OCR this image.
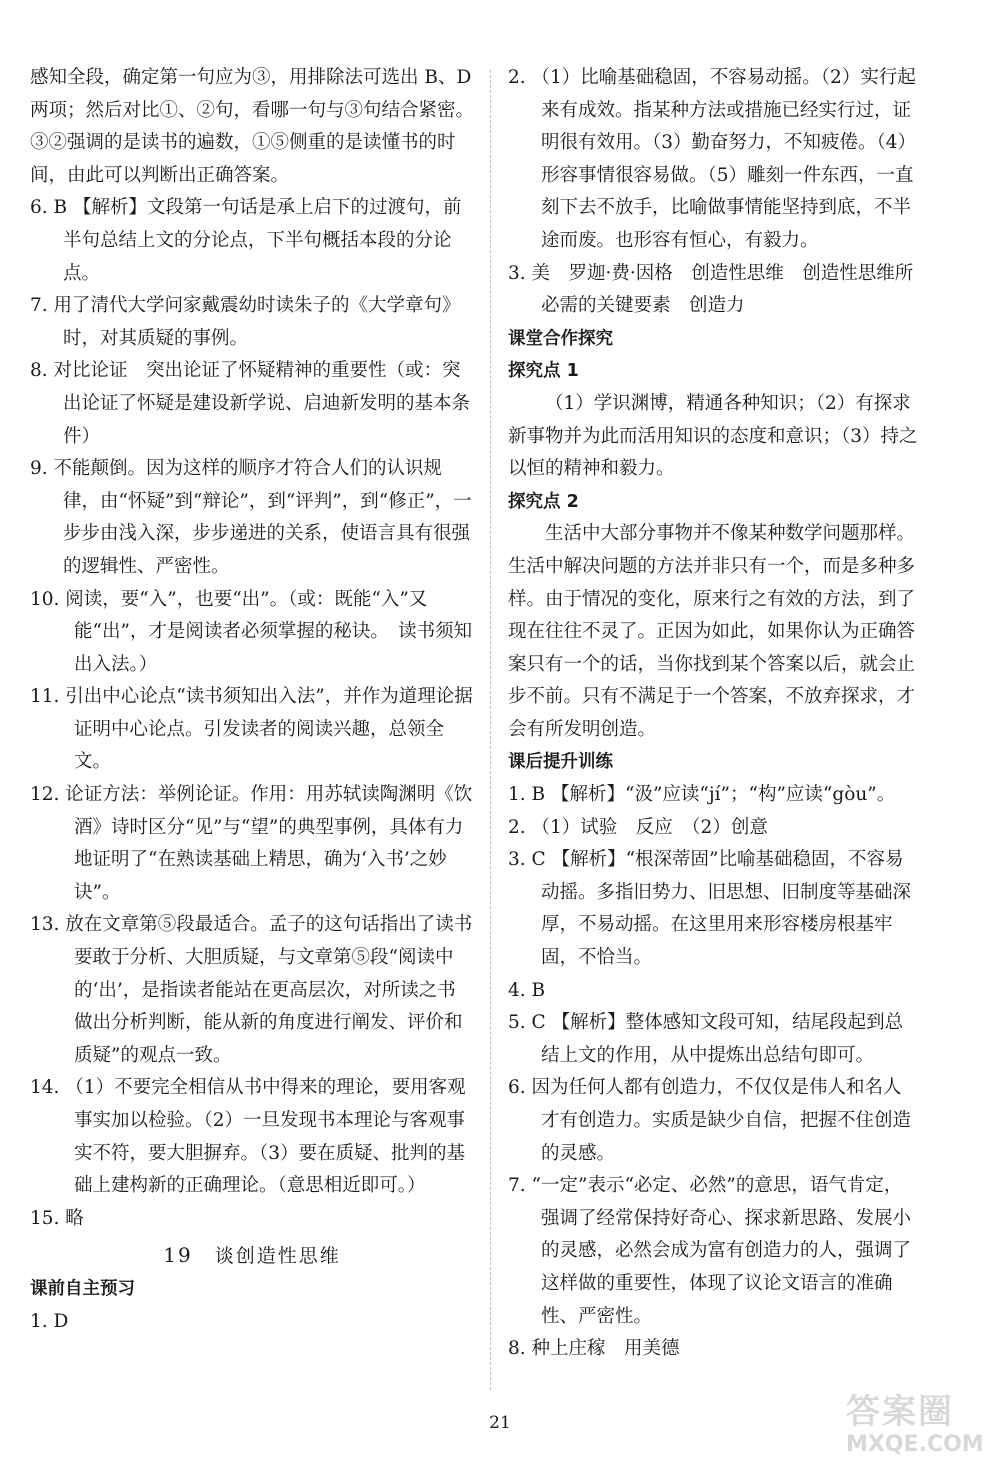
感知全段，确定第一句应为③，用排除法可选出 B、D 两项；然后对比①、②句，看哪一句与③句结合紧密。③②强调的是读书的遍数，①⑤侧重的是读懂书的时间，由此可以判断出正确答案。

6. B 【解析】文段第一句话是承上启下的过渡句，前半句总结上文的分论点，下半句概括本段的分论点。

7. 用了清代大学问家戴震幼时读朱子的《大学章句》时，对其质疑的事例。

8. 对比论证　突出论证了怀疑精神的重要性（或：突出论证了怀疑是建设新学说、启迪新发明的基本条件）

9. 不能颠倒。因为这样的顺序才符合人们的认识规律，由“怀疑”到“辩论”，到“评判”，到“修正”，一步步由浅入深，步步递进的关系，使语言具有很强的逻辑性、严密性。

10. 阅读，要“入”，也要“出”。（或：既能“入”又能“出”，才是阅读者必须掌握的秘诀。　读书须知出入法。）

11. 引出中心论点“读书须知出入法”，并作为道理论据证明中心论点。引发读者的阅读兴趣，总领全文。

12. 论证方法：举例论证。作用：用苏轼读陶渊明《饮酒》诗时区分“见”与“望”的典型事例，具体有力地证明了“在熟读基础上精思，确为‘入书’之妙诀”。

13. 放在文章第⑤段最适合。孟子的这句话指出了读书要敢于分析、大胆质疑，与文章第⑤段“阅读中的‘出’，是指读者能站在更高层次，对所读之书做出分析判断，能从新的角度进行阐发、评价和质疑”的观点一致。

14. （1）不要完全相信从书中得来的理论，要用客观事实加以检验。（2）一旦发现书本理论与客观事实不符，要大胆摒弃。（3）要在质疑、批判的基础上建构新的正确理论。（意思相近即可。）

15. 略

19 谈创造性思维

课前自主预习

1. D

2. （1）比喻基础稳固，不容易动摇。（2）实行起来有成效。指某种方法或措施已经实行过，证明很有效用。（3）勤奋努力，不知疲倦。（4）形容事情很容易做。（5）雕刻一件东西，一直刻下去不放手，比喻做事情能坚持到底，不半途而废。也形容有恒心，有毅力。

3. 美　罗迦·费·因格　创造性思维　创造性思维所必需的关键要素　创造力

课堂合作探究

探究点 1

（1）学识渊博，精通各种知识；（2）有探求新事物并为此而活用知识的态度和意识；（3）持之以恒的精神和毅力。

探究点 2

生活中大部分事物并不像某种数学问题那样。生活中解决问题的方法并非只有一个，而是多种多样。由于情况的变化，原来行之有效的方法，到了现在往往不灵了。正因为如此，如果你认为正确答案只有一个的话，当你找到某个答案以后，就会止步不前。只有不满足于一个答案，不放弃探求，才会有所发明创造。

课后提升训练

1. B 【解析】“汲”应读“jí”；“构”应读“gòu”。

2. （1）试验　反应　（2）创意

3. C 【解析】“根深蒂固”比喻基础稳固，不容易动摇。多指旧势力、旧思想、旧制度等基础深厚，不易动摇。在这里用来形容楼房根基牢固，不恰当。

4. B

5. C 【解析】整体感知文段可知，结尾段起到总结上文的作用，从中提炼出总结句即可。

6. 因为任何人都有创造力，不仅仅是伟人和名人才有创造力。实质是缺少自信，把握不住创造的灵感。

7. “一定”表示“必定、必然”的意思，语气肯定，强调了经常保持好奇心、探求新思路、发展小的灵感，必然会成为富有创造力的人，强调了这样做的重要性，体现了议论文语言的准确性、严密性。

8. 种上庄稼　用美德

21	答案圈
MXQE.COM
